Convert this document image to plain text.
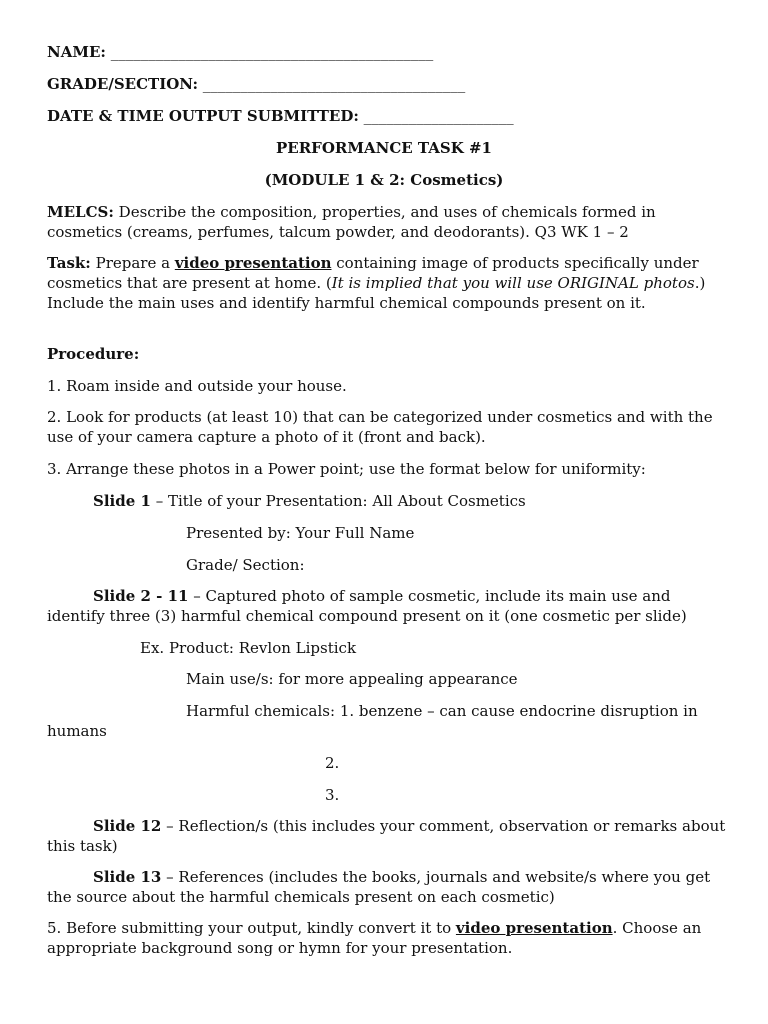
NAME: ___________________________________________
GRADE/SECTION: ___________________________________
DATE & TIME OUTPUT SUBMITTED: ____________________
PERFORMANCE TASK #1
(MODULE 1 & 2: Cosmetics)
MELCS: Describe the composition, properties, and uses of chemicals formed in cosmetics (creams, perfumes, talcum powder, and deodorants). Q3 WK 1 – 2
Task: Prepare a video presentation containing image of products specifically under cosmetics that are present at home. (It is implied that you will use ORIGINAL photos.) Include the main uses and identify harmful chemical compounds present on it.
Procedure:
1. Roam inside and outside your house.
2. Look for products (at least 10) that can be categorized under cosmetics and with the use of your camera capture a photo of it (front and back).
3. Arrange these photos in a Power point; use the format below for uniformity:
Slide 1 – Title of your Presentation: All About Cosmetics
Presented by: Your Full Name
Grade/ Section:
Slide 2 - 11 – Captured photo of sample cosmetic, include its main use and identify three (3) harmful chemical compound present on it (one cosmetic per slide)
Ex. Product: Revlon Lipstick
Main use/s: for more appealing appearance
Harmful chemicals: 1. benzene – can cause endocrine disruption in
humans
2.
3.
Slide 12 – Reflection/s (this includes your comment, observation or remarks about this task)
Slide 13 – References (includes the books, journals and website/s where you get the source about the harmful chemicals present on each cosmetic)
5. Before submitting your output, kindly convert it to video presentation. Choose an appropriate background song or hymn for your presentation.
